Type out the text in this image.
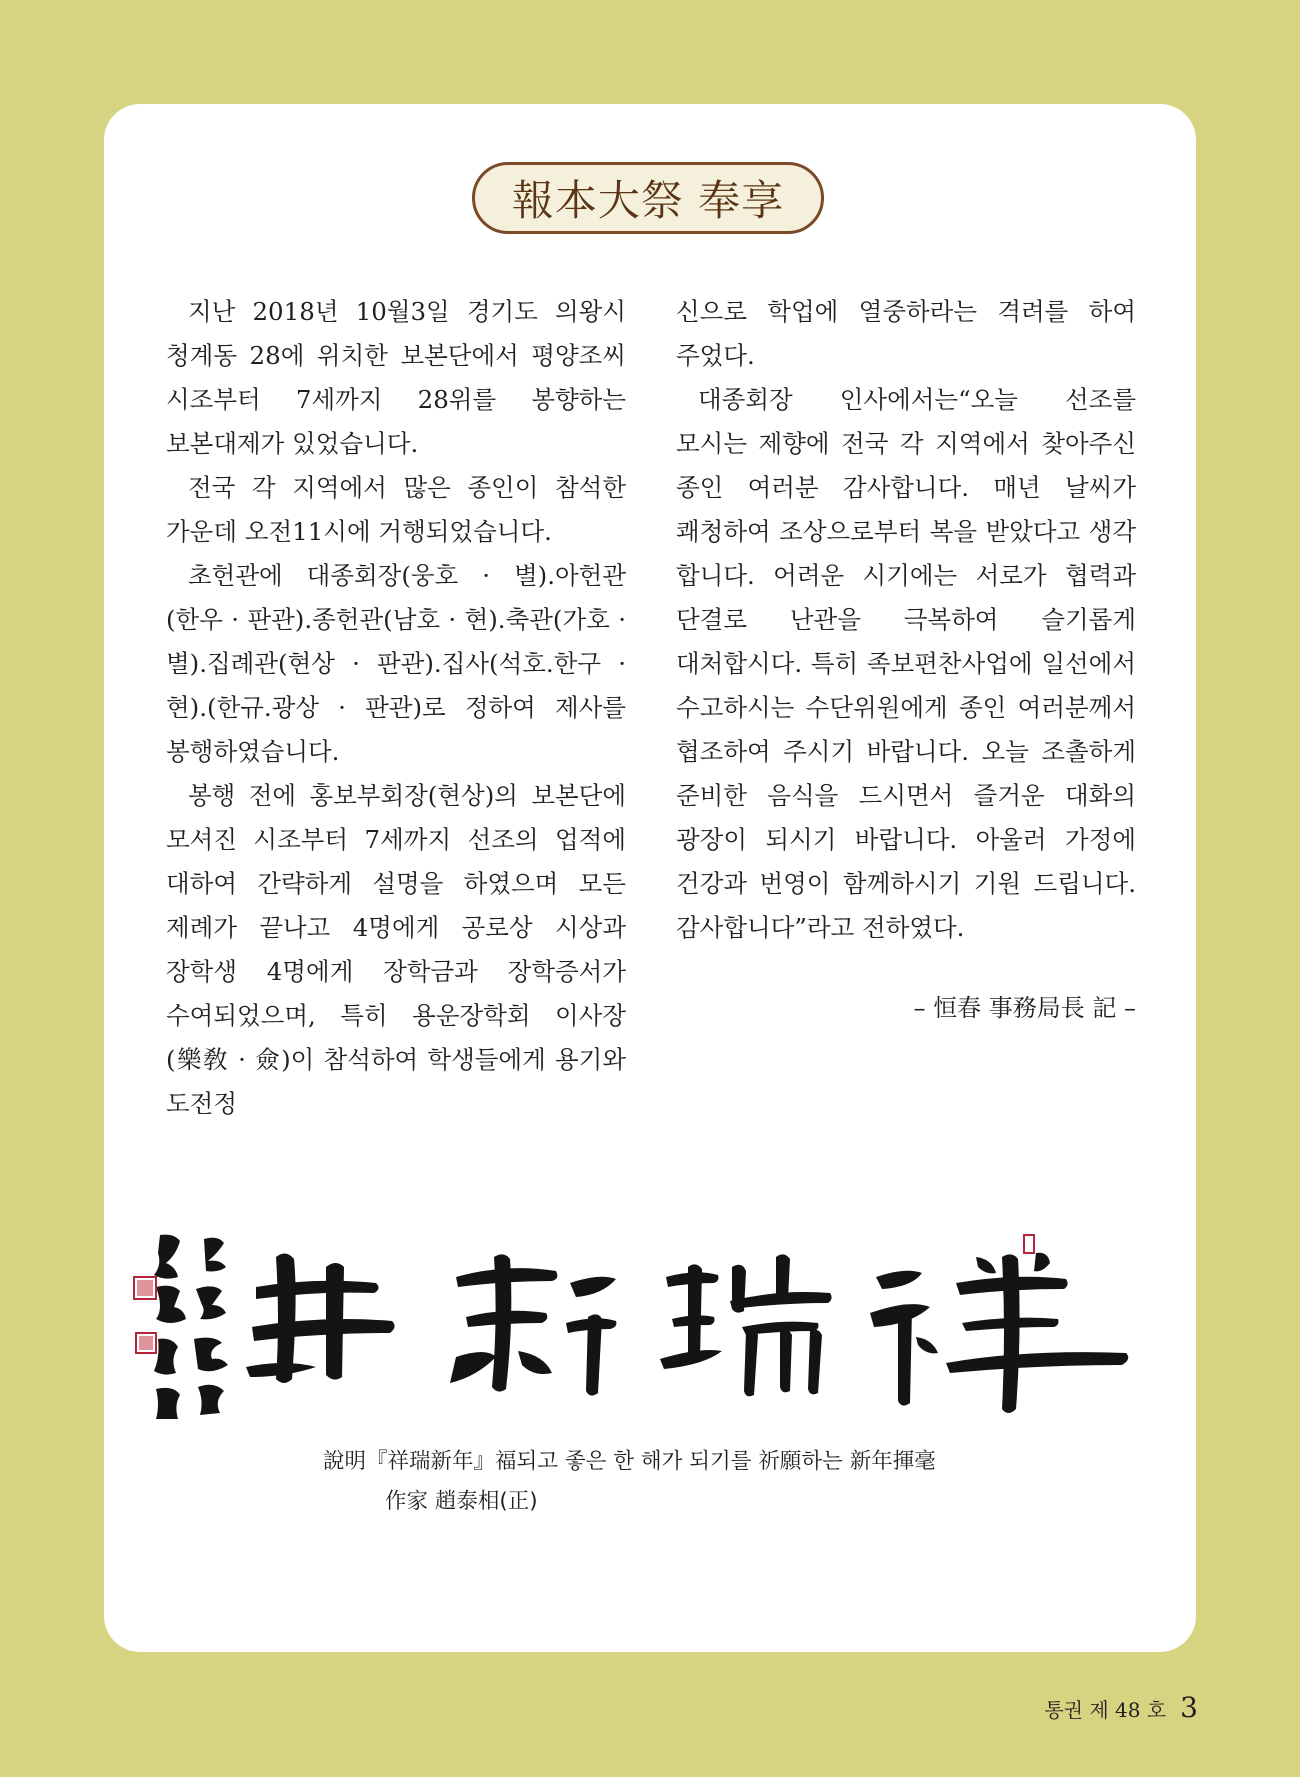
報本大祭 奉享

지난 2018년 10월3일 경기도 의왕시 청계동 28에 위치한 보본단에서 평양조씨 시조부터 7세까지 28위를 봉향하는 보본대제가 있었습니다.

전국 각 지역에서 많은 종인이 참석한 가운데 오전11시에 거행되었습니다.

초헌관에 대종회장(웅호 · 별).아헌관(한우 · 판관).종헌관(남호 · 현).축관(가호 · 별).집례관(현상 · 판관).집사(석호.한구 · 현).(한규.광상 · 판관)로 정하여 제사를 봉행하였습니다.

봉행 전에 홍보부회장(현상)의 보본단에 모셔진 시조부터 7세까지 선조의 업적에 대하여 간략하게 설명을 하였으며 모든 제례가 끝나고 4명에게 공로상 시상과 장학생 4명에게 장학금과 장학증서가 수여되었으며, 특히 용운장학회 이사장(樂敎 · 僉)이 참석하여 학생들에게 용기와 도전정

신으로 학업에 열중하라는 격려를 하여 주었다.

대종회장 인사에서는“오늘 선조를 모시는 제향에 전국 각 지역에서 찾아주신 종인 여러분 감사합니다. 매년 날씨가 쾌청하여 조상으로부터 복을 받았다고 생각 합니다. 어려운 시기에는 서로가 협력과 단결로 난관을 극복하여 슬기롭게 대처합시다. 특히 족보편찬사업에 일선에서 수고하시는 수단위원에게 종인 여러분께서 협조하여 주시기 바랍니다. 오늘 조촐하게 준비한 음식을 드시면서 즐거운 대화의 광장이 되시기 바랍니다. 아울러 가정에 건강과 번영이 함께하시기 기원 드립니다. 감사합니다”라고 전하였다.

– 恒春 事務局長 記 –
說明『祥瑞新年』福되고 좋은 한 해가 되기를 祈願하는 新年揮毫
作家 趙泰相(正)
통권 제 48 호 3
